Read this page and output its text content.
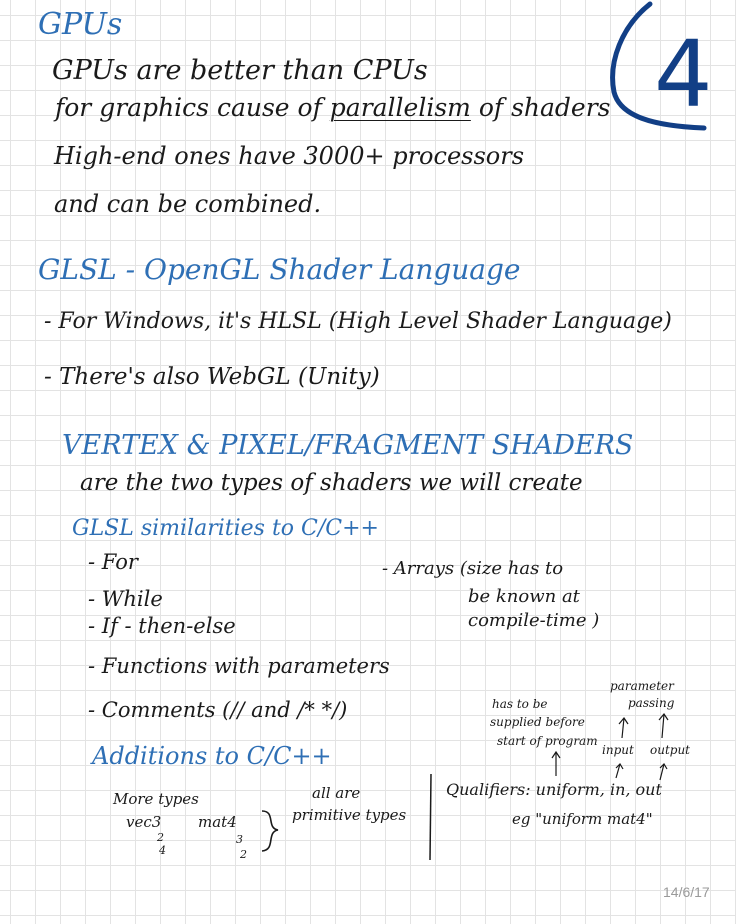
GPUs
GPUs are better than CPUs
for graphics cause of parallelism of shaders
High-end ones have 3000+ processors
and can be combined.
4
GLSL - OpenGL Shader Language
- For Windows, it's HLSL (High Level Shader Language)
- There's also WebGL (Unity)
VERTEX & PIXEL/FRAGMENT SHADERS
are the two types of shaders we will create
GLSL similarities to C/C++
- For
- While
- If - then-else
- Functions with parameters
- Comments (// and /* */)
- Arrays (size has to
be known at
compile-time )
Additions to C/C++
More types
vec3
2
4
mat4
3
2
all are
primitive types
has to be
supplied before
start of program
parameter
passing
input output
Qualifiers: uniform, in, out
eg "uniform mat4"
14/6/17
